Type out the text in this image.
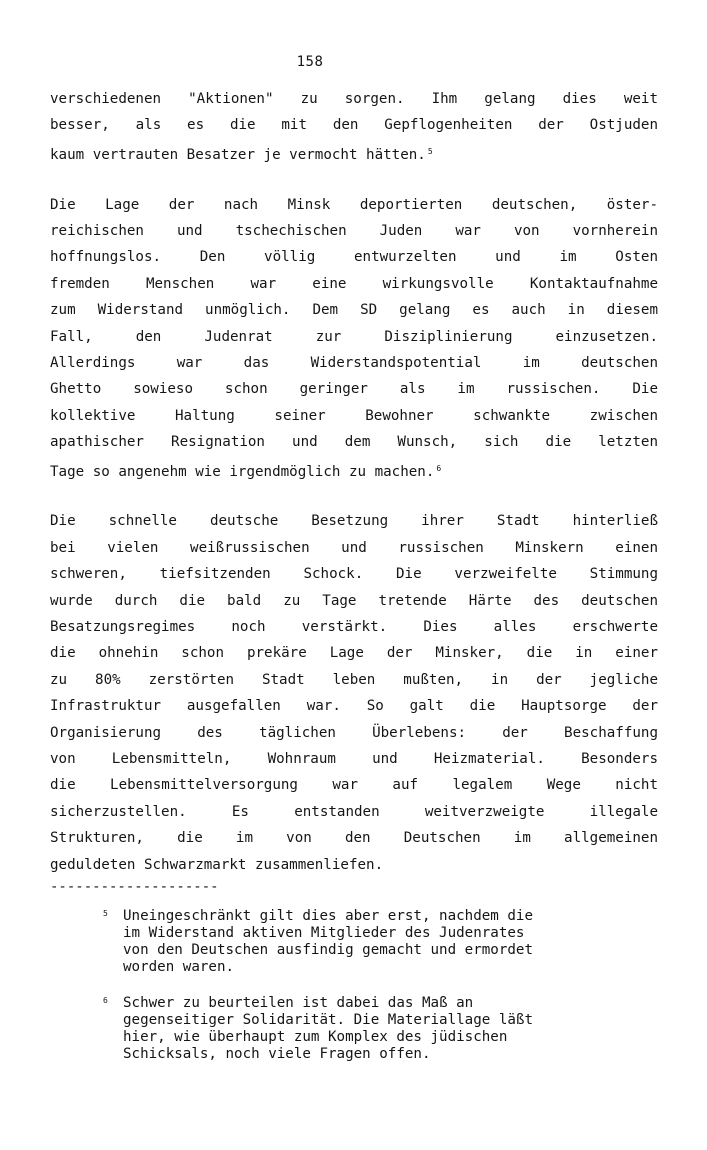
158
verschiedenen "Aktionen" zu sorgen. Ihm gelang dies weit
besser, als es die mit den Gepflogenheiten der Ostjuden
kaum vertrauten Besatzer je vermocht hätten. $^5$
Die Lage der nach Minsk deportierten deutschen, öster-
reichischen und tschechischen Juden war von vornherein
hoffnungslos. Den völlig entwurzelten und im Osten
fremden Menschen war eine wirkungsvolle Kontaktaufnahme
zum Widerstand unmöglich. Dem SD gelang es auch in diesem
Fall, den Judenrat zur Disziplinierung einzusetzen.
Allerdings war das Widerstandspotential im deutschen
Ghetto sowieso schon geringer als im russischen. Die
kollektive Haltung seiner Bewohner schwankte zwischen
apathischer Resignation und dem Wunsch, sich die letzten
Tage so angenehm wie irgendmöglich zu machen. $^6$
Die schnelle deutsche Besetzung ihrer Stadt hinterließ
bei vielen weißrussischen und russischen Minskern einen
schweren, tiefsitzenden Schock. Die verzweifelte Stimmung
wurde durch die bald zu Tage tretende Härte des deutschen
Besatzungsregimes noch verstärkt. Dies alles erschwerte
die ohnehin schon prekäre Lage der Minsker, die in einer
zu 80% zerstörten Stadt leben mußten, in der jegliche
Infrastruktur ausgefallen war. So galt die Hauptsorge der
Organisierung des täglichen Überlebens: der Beschaffung
von Lebensmitteln, Wohnraum und Heizmaterial. Besonders
die Lebensmittelversorgung war auf legalem Wege nicht
sicherzustellen. Es entstanden weitverzweigte illegale
Strukturen, die im von den Deutschen im allgemeinen
geduldeten Schwarzmarkt zusammenliefen.
--------------------
5 Uneingeschränkt gilt dies aber erst, nachdem die
im Widerstand aktiven Mitglieder des Judenrates
von den Deutschen ausfindig gemacht und ermordet
worden waren.
6 Schwer zu beurteilen ist dabei das Maß an
gegenseitiger Solidarität. Die Materiallage läßt
hier, wie überhaupt zum Komplex des jüdischen
Schicksals, noch viele Fragen offen.
